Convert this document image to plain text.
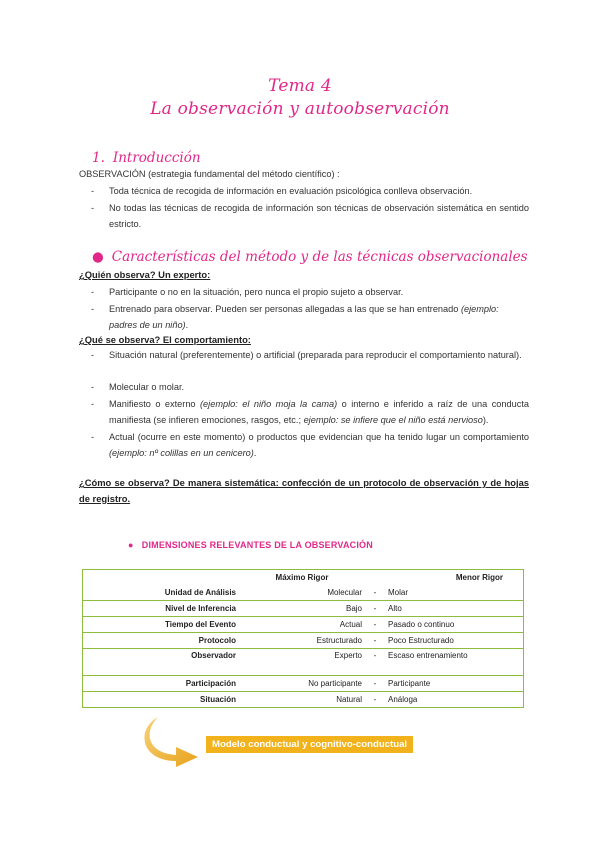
Tema 4
La observación y autoobservación
1. Introducción
OBSERVACIÓN (estrategia fundamental del método científico) :
- Toda técnica de recogida de información en evaluación psicológica conlleva observación.
- No todas las técnicas de recogida de información son técnicas de observación sistemática en sentido estricto.
● Características del método y de las técnicas observacionales
¿Quién observa? Un experto:
- Participante o no en la situación, pero nunca el propio sujeto a observar.
- Entrenado para observar. Pueden ser personas allegadas a las que se han entrenado (ejemplo: padres de un niño).
¿Qué se observa? El comportamiento:
- Situación natural (preferentemente) o artificial (preparada para reproducir el comportamiento natural).
- Molecular o molar.
- Manifiesto o externo (ejemplo: el niño moja la cama) o interno e inferido a raíz de una conducta manifiesta (se infieren emociones, rasgos, etc.; ejemplo: se infiere que el niño está nervioso).
- Actual (ocurre en este momento) o productos que evidencian que ha tenido lugar un comportamiento (ejemplo: nº colillas en un cenicero).
¿Cómo se observa? De manera sistemática: confección de un protocolo de observación y de hojas de registro.
● DIMENSIONES RELEVANTES DE LA OBSERVACIÓN
	Máximo Rigor		Menor Rigor
Unidad de Análisis	Molecular	-	Molar
Nivel de Inferencia	Bajo	-	Alto
Tiempo del Evento	Actual	-	Pasado o continuo
Protocolo	Estructurado	-	Poco Estructurado
Observador	Experto	-	Escaso entrenamiento
Participación	No participante	-	Participante
Situación	Natural	-	Análoga
Modelo conductual y cognitivo-conductual
